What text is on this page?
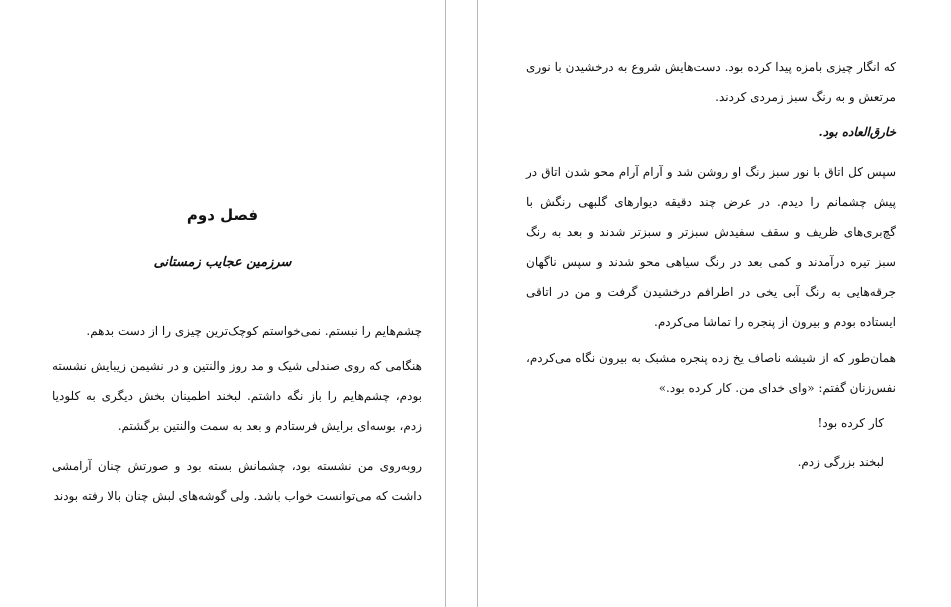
فصل دوم
سرزمین عجایب زمستانی

چشم‌هایم را نبستم. نمی‌خواستم کوچک‌ترین چیزی را از دست بدهم.

هنگامی که روی صندلی شیک و مد روز والنتین و در نشیمن زیبایش نشسته بودم، چشم‌هایم را باز نگه داشتم. لبخند اطمینان بخش دیگری به کلودیا زدم، بوسه‌ای برایش فرستادم و بعد به سمت والنتین برگشتم.

روبه‌روی من نشسته بود، چشمانش بسته بود و صورتش چنان آرامشی داشت که می‌توانست خواب باشد. ولی گوشه‌های لبش چنان بالا رفته بودند

که انگار چیزی بامزه پیدا کرده بود. دست‌هایش شروع به درخشیدن با نوری مرتعش و به رنگ سبز زمردی کردند.

خارق‌العاده بود.

سپس کل اتاق با نور سبز رنگ او روشن شد و آرام آرام محو شدن اتاق در پیش چشمانم را دیدم. در عرض چند دقیقه دیوارهای گلبهی رنگش با گچ‌بری‌های ظریف و سقف سفیدش سبزتر و سبزتر شدند و بعد به رنگ سبز تیره درآمدند و کمی بعد در رنگ سیاهی محو شدند و سپس ناگهان جرقه‌هایی به رنگ آبی یخی در اطرافم درخشیدن گرفت و من در اتاقی ایستاده بودم و بیرون از پنجره را تماشا می‌کردم.

همان‌طور که از شیشه ناصاف یخ زده پنجره مشبک به بیرون نگاه می‌کردم، نفس‌زنان گفتم: «وای خدای من. کار کرده بود.»

کار کرده بود!

لبخند بزرگی زدم.
